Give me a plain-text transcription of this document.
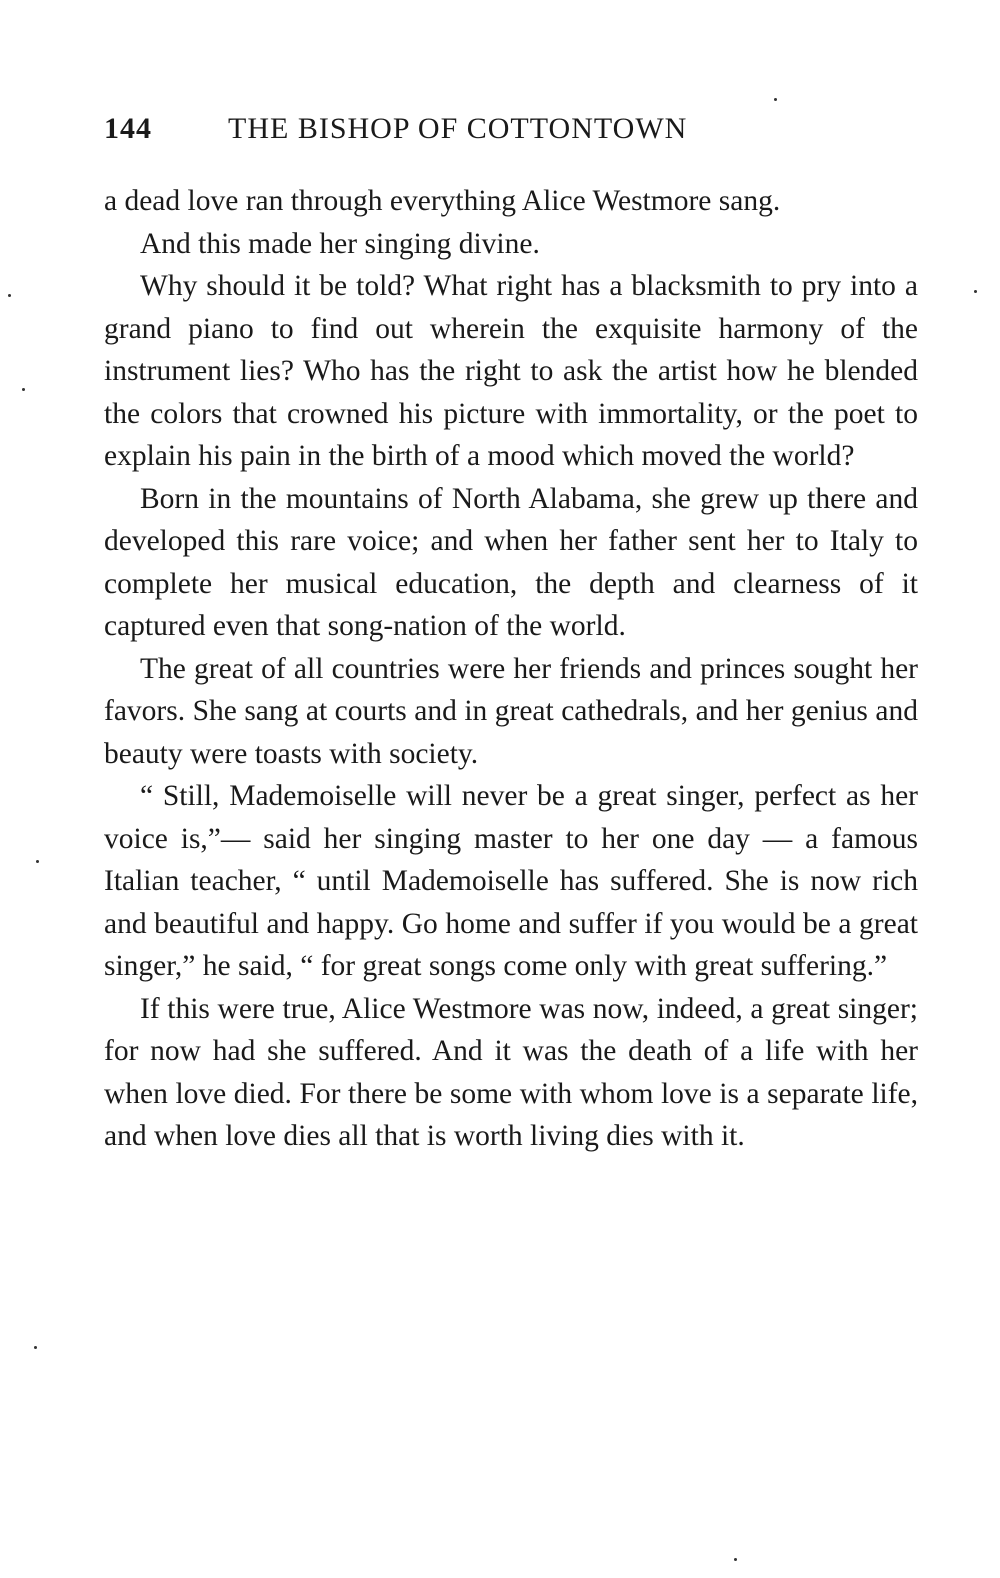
144	THE BISHOP OF COTTONTOWN

a dead love ran through everything Alice Westmore sang.

And this made her singing divine.

Why should it be told? What right has a blacksmith to pry into a grand piano to find out wherein the exquisite harmony of the instrument lies? Who has the right to ask the artist how he blended the colors that crowned his picture with immortality, or the poet to explain his pain in the birth of a mood which moved the world?

Born in the mountains of North Alabama, she grew up there and developed this rare voice; and when her father sent her to Italy to complete her musical education, the depth and clearness of it captured even that song-nation of the world.

The great of all countries were her friends and princes sought her favors. She sang at courts and in great cathedrals, and her genius and beauty were toasts with society.

“ Still, Mademoiselle will never be a great singer, perfect as her voice is,”— said her singing master to her one day — a famous Italian teacher, “ until Mademoiselle has suffered. She is now rich and beautiful and happy. Go home and suffer if you would be a great singer,” he said, “ for great songs come only with great suffering.”

If this were true, Alice Westmore was now, indeed, a great singer; for now had she suffered. And it was the death of a life with her when love died. For there be some with whom love is a separate life, and when love dies all that is worth living dies with it.
